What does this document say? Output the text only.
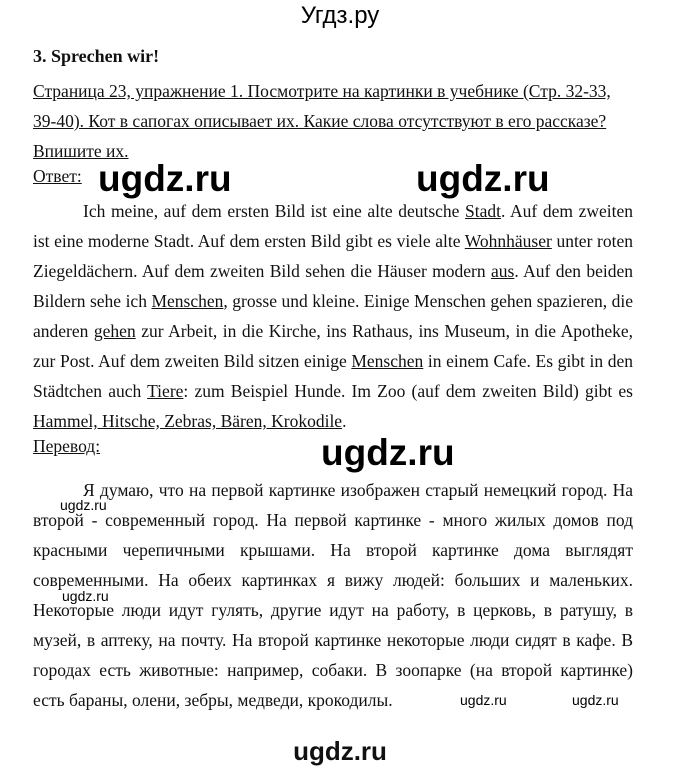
Угдз.ру
3. Sprechen wir!
Страница 23, упражнение 1. Посмотрите на картинки в учебнике (Стр. 32-33, 39-40). Кот в сапогах описывает их. Какие слова отсутствуют в его рассказе? Впишите их.
Ответ:
Ich meine, auf dem ersten Bild ist eine alte deutsche Stadt. Auf dem zweiten ist eine moderne Stadt. Auf dem ersten Bild gibt es viele alte Wohnhäuser unter roten Ziegeldächern. Auf dem zweiten Bild sehen die Häuser modern aus. Auf den beiden Bildern sehe ich Menschen, grosse und kleine. Einige Menschen gehen spazieren, die anderen gehen zur Arbeit, in die Kirche, ins Rathaus, ins Museum, in die Apotheke, zur Post. Auf dem zweiten Bild sitzen einige Menschen in einem Cafe. Es gibt in den Städtchen auch Tiere: zum Beispiel Hunde. Im Zoo (auf dem zweiten Bild) gibt es Hammel, Hitsche, Zebras, Bären, Krokodile.
Перевод:
Я думаю, что на первой картинке изображен старый немецкий город. На второй - современный город. На первой картинке - много жилых домов под красными черепичными крышами. На второй картинке дома выглядят современными. На обеих картинках я вижу людей: больших и маленьких. Некоторые люди идут гулять, другие идут на работу, в церковь, в ратушу, в музей, в аптеку, на почту. На второй картинке некоторые люди сидят в кафе. В городах есть животные: например, собаки. В зоопарке (на второй картинке) есть бараны, олени, зебры, медведи, крокодилы.
ugdz.ru	ugdz.ru
ugdz.ru
ugdz.ru
ugdz.ru
ugdz.ru	ugdz.ru
ugdz.ru
